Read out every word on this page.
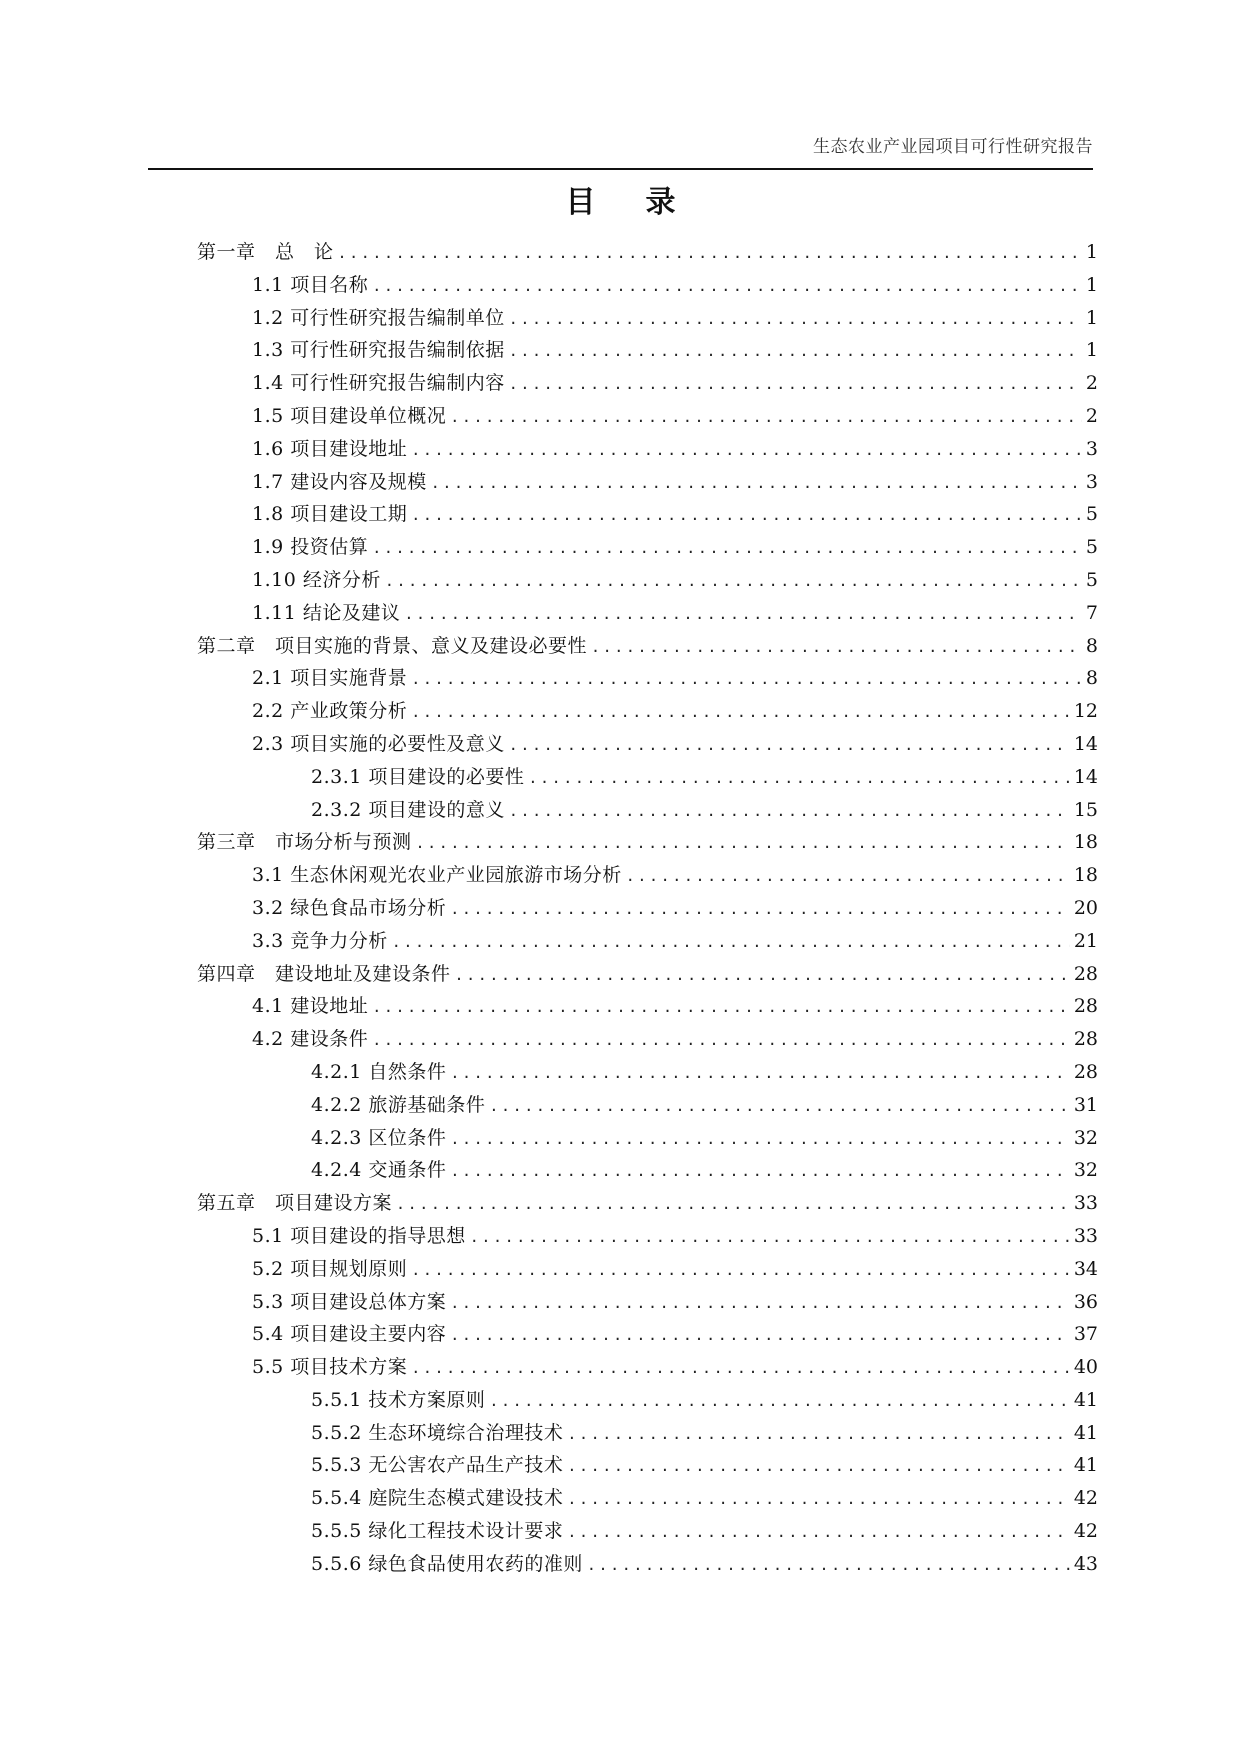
生态农业产业园项目可行性研究报告
目录
第一章　总　论 .....	1
1.1 项目名称 .....	1
1.2 可行性研究报告编制单位 .....	1
1.3 可行性研究报告编制依据 .....	1
1.4 可行性研究报告编制内容 .....	2
1.5 项目建设单位概况 .....	2
1.6 项目建设地址 .....	3
1.7 建设内容及规模 .....	3
1.8 项目建设工期 .....	5
1.9 投资估算 .....	5
1.10 经济分析 .....	5
1.11 结论及建议 .....	7
第二章　项目实施的背景、意义及建设必要性 .....	8
2.1 项目实施背景 .....	8
2.2 产业政策分析 .....	12
2.3 项目实施的必要性及意义 .....	14
2.3.1 项目建设的必要性 .....	14
2.3.2 项目建设的意义 .....	15
第三章　市场分析与预测 .....	18
3.1 生态休闲观光农业产业园旅游市场分析 .....	18
3.2 绿色食品市场分析 .....	20
3.3 竞争力分析 .....	21
第四章　建设地址及建设条件 .....	28
4.1 建设地址 .....	28
4.2 建设条件 .....	28
4.2.1 自然条件 .....	28
4.2.2 旅游基础条件 .....	31
4.2.3 区位条件 .....	32
4.2.4 交通条件 .....	32
第五章　项目建设方案 .....	33
5.1 项目建设的指导思想 .....	33
5.2 项目规划原则 .....	34
5.3 项目建设总体方案 .....	36
5.4 项目建设主要内容 .....	37
5.5 项目技术方案 .....	40
5.5.1 技术方案原则 .....	41
5.5.2 生态环境综合治理技术 .....	41
5.5.3 无公害农产品生产技术 .....	41
5.5.4 庭院生态模式建设技术 .....	42
5.5.5 绿化工程技术设计要求 .....	42
5.5.6 绿色食品使用农药的准则 .....	43
